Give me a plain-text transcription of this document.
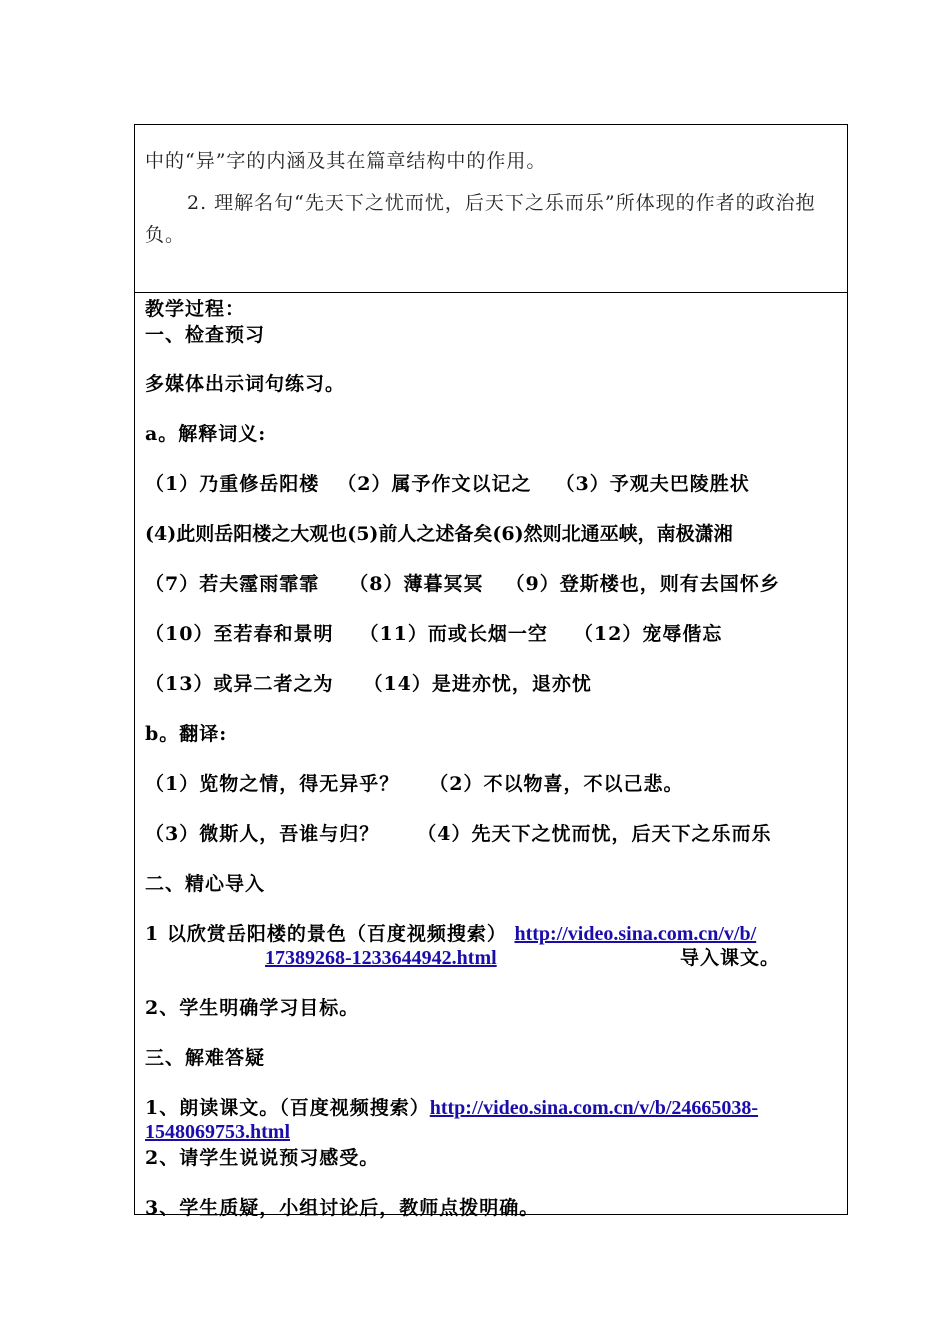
中的“异”字的内涵及其在篇章结构中的作用。

2. 理解名句“先天下之忧而忧，后天下之乐而乐”所体现的作者的政治抱负。

教学过程：
一、检查预习
多媒体出示词句练习。
a。解释词义:
（1）乃重修岳阳楼 （2）属予作文以记之 （3）予观夫巴陵胜状
(4)此则岳阳楼之大观也(5)前人之述备矣(6)然则北通巫峡，南极潇湘
（7）若夫霪雨霏霏 （8）薄暮冥冥 （9）登斯楼也，则有去国怀乡
（10）至若春和景明 （11）而或长烟一空 （12）宠辱偕忘
（13）或异二者之为 （14）是进亦忧，退亦忧
b。翻译:
（1）览物之情，得无异乎？ （2）不以物喜，不以己悲。
（3）微斯人，吾谁与归？ （4）先天下之忧而忧，后天下之乐而乐
二、精心导入
1 以欣赏岳阳楼的景色（百度视频搜索） http://video.sina.com.cn/v/b/
17389268-1233644942.html	导入课文。
2、学生明确学习目标。
三、解难答疑
1、朗读课文。（百度视频搜索）http://video.sina.com.cn/v/b/24665038-
1548069753.html
2、请学生说说预习感受。
3、学生质疑，小组讨论后，教师点拨明确。
